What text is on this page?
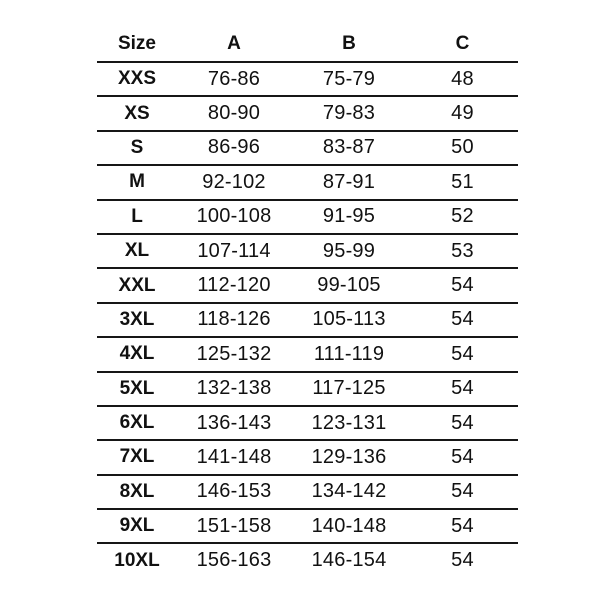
Size	A	B	C
XXS	76-86	75-79	48
XS	80-90	79-83	49
S	86-96	83-87	50
M	92-102	87-91	51
L	100-108	91-95	52
XL	107-114	95-99	53
XXL	112-120	99-105	54
3XL	118-126	105-113	54
4XL	125-132	111-119	54
5XL	132-138	117-125	54
6XL	136-143	123-131	54
7XL	141-148	129-136	54
8XL	146-153	134-142	54
9XL	151-158	140-148	54
10XL	156-163	146-154	54
